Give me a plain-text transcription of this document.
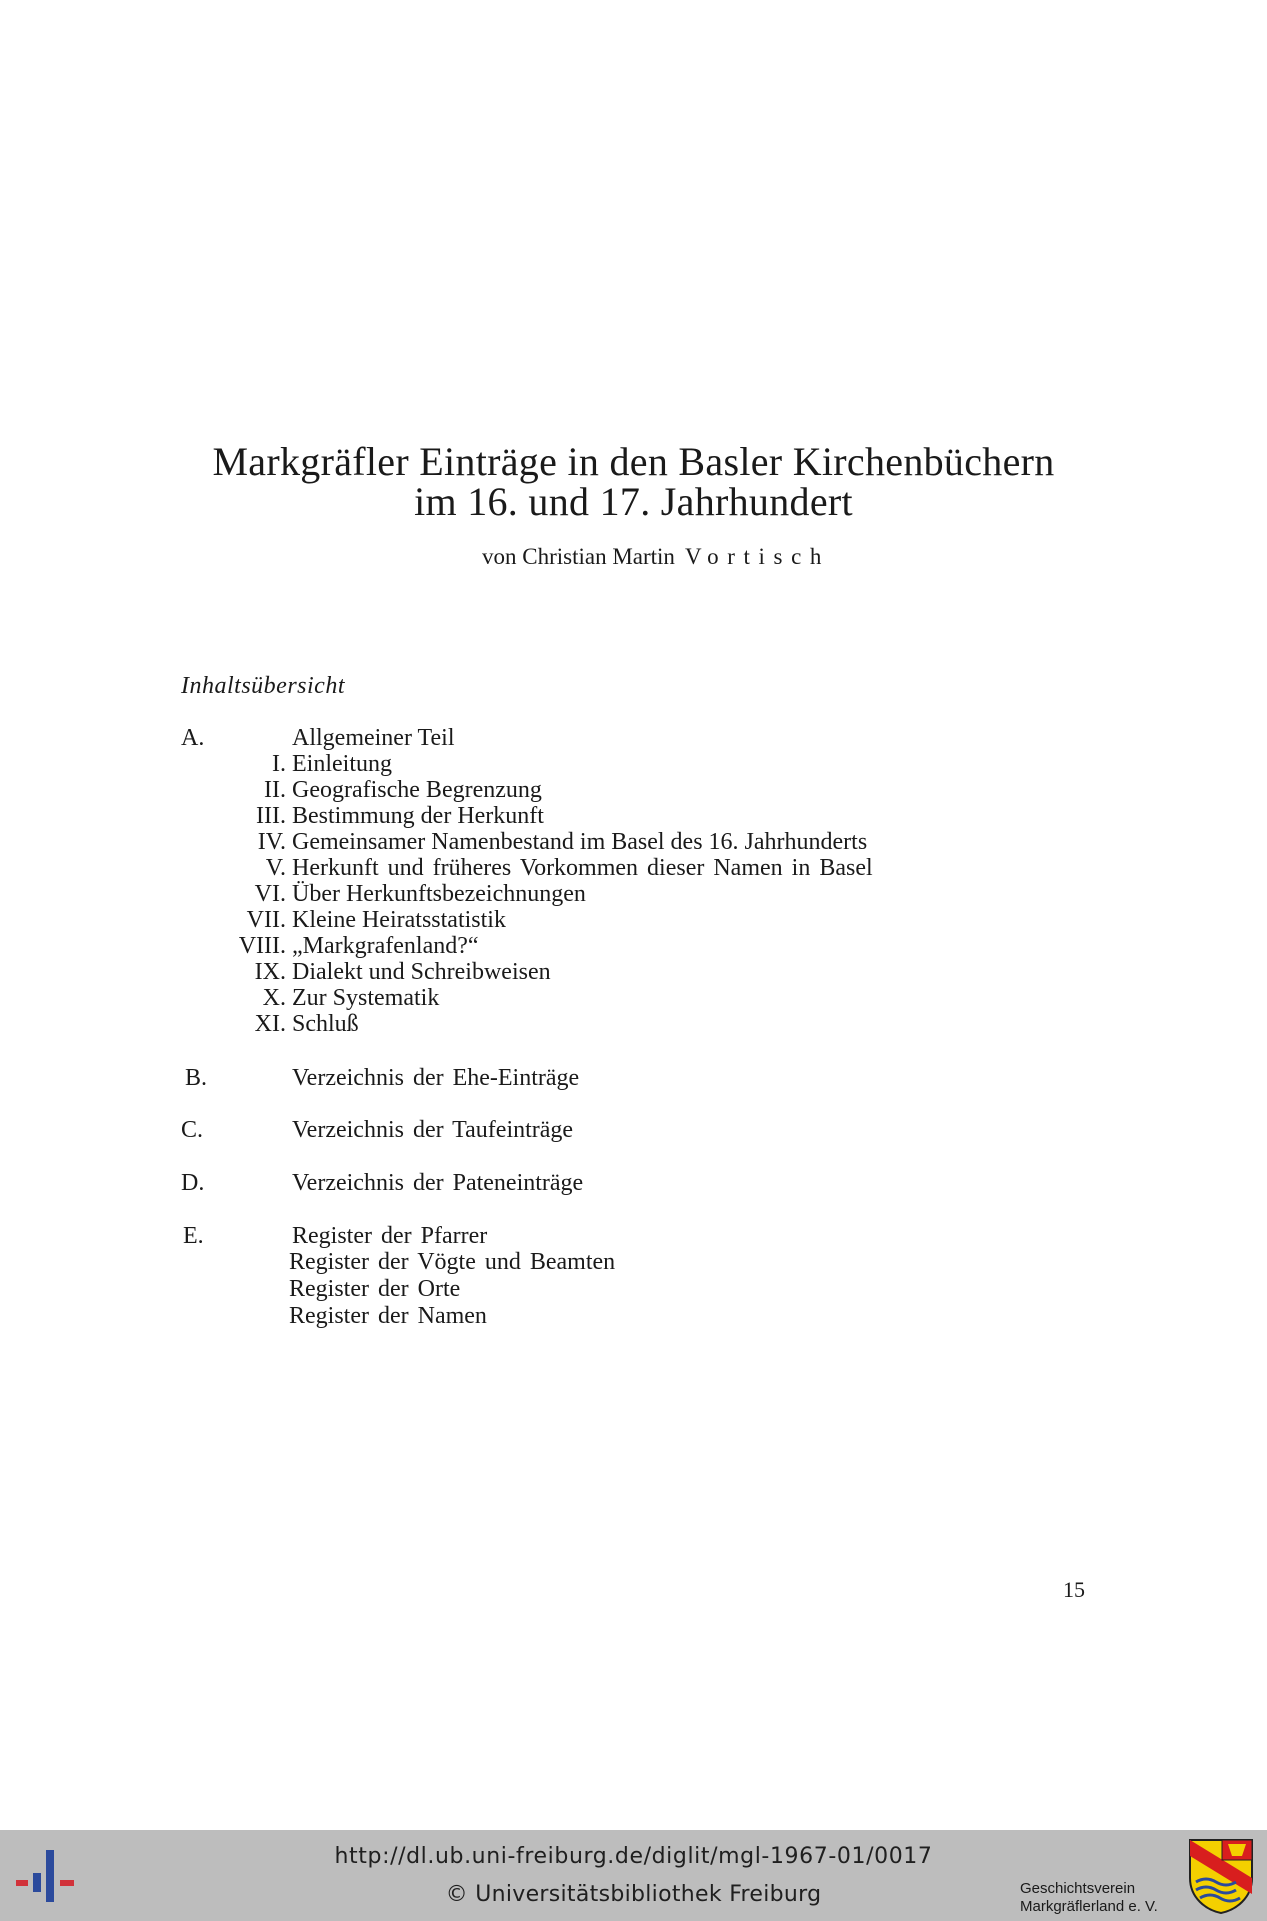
Markgräfler Einträge in den Basler Kirchenbüchern
im 16. und 17. Jahrhundert
von Christian Martin Vortisch
Inhaltsübersicht
A.	Allgemeiner Teil
I. Einleitung
II. Geografische Begrenzung
III. Bestimmung der Herkunft
IV. Gemeinsamer Namenbestand im Basel des 16. Jahrhunderts
V. Herkunft und früheres Vorkommen dieser Namen in Basel
VI. Über Herkunftsbezeichnungen
VII. Kleine Heiratsstatistik
VIII. „Markgrafenland?“
IX. Dialekt und Schreibweisen
X. Zur Systematik
XI. Schluß
B.	Verzeichnis der Ehe-Einträge
C.	Verzeichnis der Taufeinträge
D.	Verzeichnis der Pateneinträge
E.	Register der Pfarrer
Register der Vögte und Beamten
Register der Orte
Register der Namen
15
http://dl.ub.uni-freiburg.de/diglit/mgl-1967-01/0017
© Universitätsbibliothek Freiburg	Geschichtsverein
Markgräflerland e. V.
